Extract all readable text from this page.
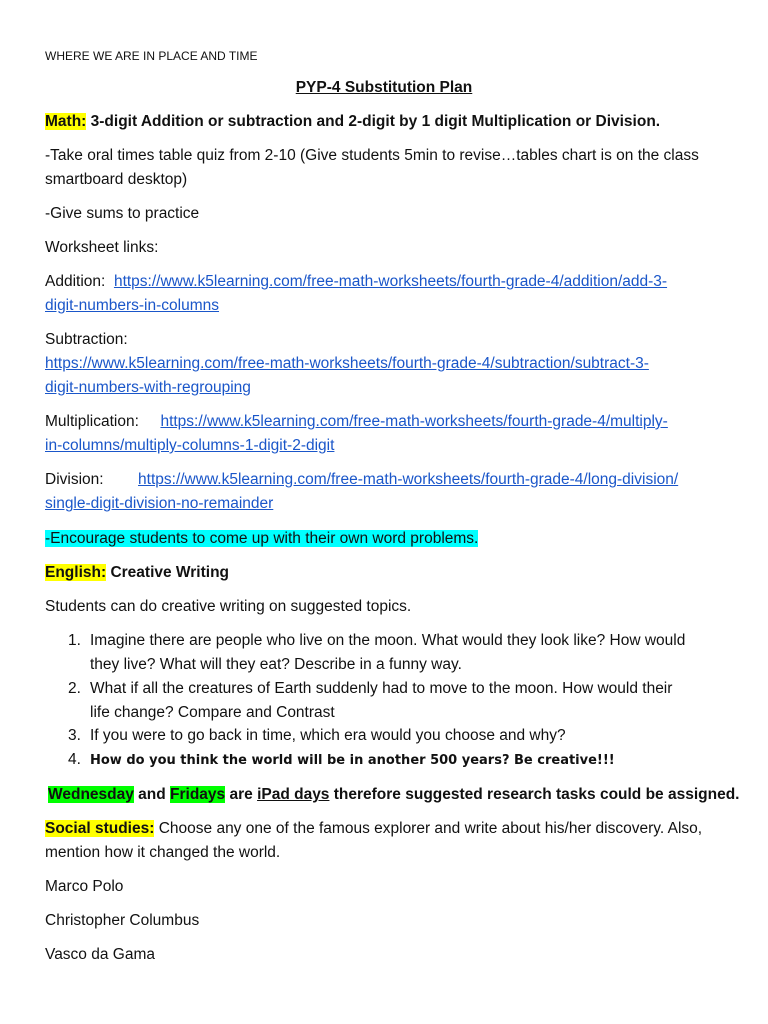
WHERE WE ARE IN PLACE AND TIME
PYP-4 Substitution Plan
Math: 3-digit Addition or subtraction and 2-digit by 1 digit Multiplication or Division.
-Take oral times table quiz from 2-10 (Give students 5min to revise…tables chart is on the class
smartboard desktop)
-Give sums to practice
Worksheet links:
Addition: https://www.k5learning.com/free-math-worksheets/fourth-grade-4/addition/add-3-
digit-numbers-in-columns
Subtraction:
https://www.k5learning.com/free-math-worksheets/fourth-grade-4/subtraction/subtract-3-
digit-numbers-with-regrouping
Multiplication: https://www.k5learning.com/free-math-worksheets/fourth-grade-4/multiply-
in-columns/multiply-columns-1-digit-2-digit
Division: https://www.k5learning.com/free-math-worksheets/fourth-grade-4/long-division/
single-digit-division-no-remainder
-Encourage students to come up with their own word problems.
English: Creative Writing
Students can do creative writing on suggested topics.
1. Imagine there are people who live on the moon. What would they look like? How would
they live? What will they eat? Describe in a funny way.
2. What if all the creatures of Earth suddenly had to move to the moon. How would their
life change? Compare and Contrast
3. If you were to go back in time, which era would you choose and why?
4. How do you think the world will be in another 500 years? Be creative!!!
Wednesday and Fridays are iPad days therefore suggested research tasks could be assigned.
Social studies: Choose any one of the famous explorer and write about his/her discovery. Also,
mention how it changed the world.
Marco Polo
Christopher Columbus
Vasco da Gama
